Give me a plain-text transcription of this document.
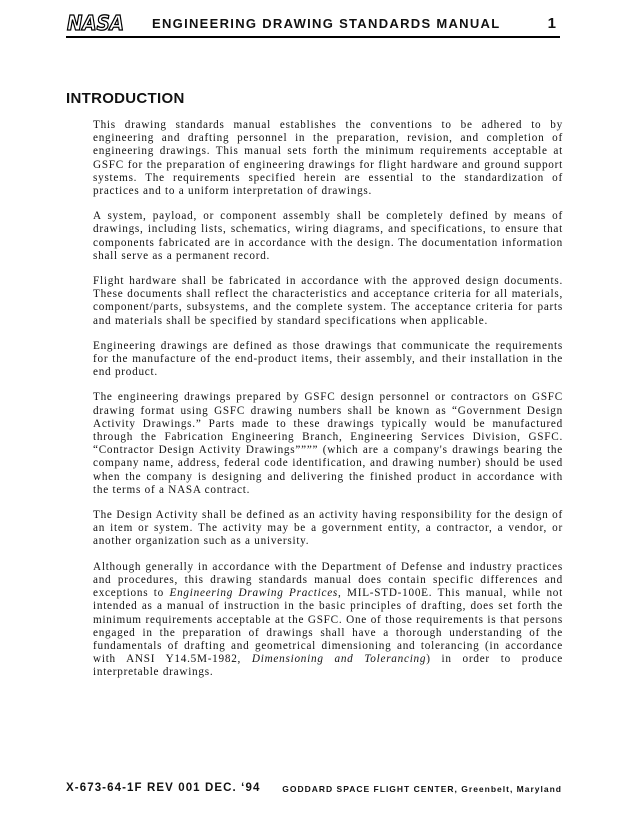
NASA ENGINEERING DRAWING STANDARDS MANUAL	1
INTRODUCTION

This drawing standards manual establishes the conventions to be adhered to by engineering and drafting personnel in the preparation, revision, and completion of engineering drawings. This manual sets forth the minimum requirements acceptable at GSFC for the preparation of engineering drawings for flight hardware and ground support systems. The requirements specified herein are essential to the standardization of practices and to a uniform interpretation of drawings.

A system, payload, or component assembly shall be completely defined by means of drawings, including lists, schematics, wiring diagrams, and specifications, to ensure that components fabricated are in accordance with the design. The documentation information shall serve as a permanent record.

Flight hardware shall be fabricated in accordance with the approved design documents. These documents shall reflect the characteristics and acceptance criteria for all materials, component/parts, subsystems, and the complete system. The acceptance criteria for parts and materials shall be specified by standard specifications when applicable.

Engineering drawings are defined as those drawings that communicate the requirements for the manufacture of the end-product items, their assembly, and their installation in the end product.

The engineering drawings prepared by GSFC design personnel or contractors on GSFC drawing format using GSFC drawing numbers shall be known as “Government Design Activity Drawings.” Parts made to these drawings typically would be manufactured through the Fabrication Engineering Branch, Engineering Services Division, GSFC. “Contractor Design Activity Drawings”””” (which are a company's drawings bearing the company name, address, federal code identification, and drawing number) should be used when the company is designing and delivering the finished product in accordance with the terms of a NASA contract.

The Design Activity shall be defined as an activity having responsibility for the design of an item or system. The activity may be a government entity, a contractor, a vendor, or another organization such as a university.

Although generally in accordance with the Department of Defense and industry practices and procedures, this drawing standards manual does contain specific differences and exceptions to Engineering Drawing Practices, MIL-STD-100E. This manual, while not intended as a manual of instruction in the basic principles of drafting, does set forth the minimum requirements acceptable at the GSFC. One of those requirements is that persons engaged in the preparation of drawings shall have a thorough understanding of the fundamentals of drafting and geometrical dimensioning and tolerancing (in accordance with ANSI Y14.5M-1982, Dimensioning and Tolerancing) in order to produce interpretable drawings.

X-673-64-1F REV 001 DEC. ‘94	GODDARD SPACE FLIGHT CENTER, Greenbelt, Maryland
